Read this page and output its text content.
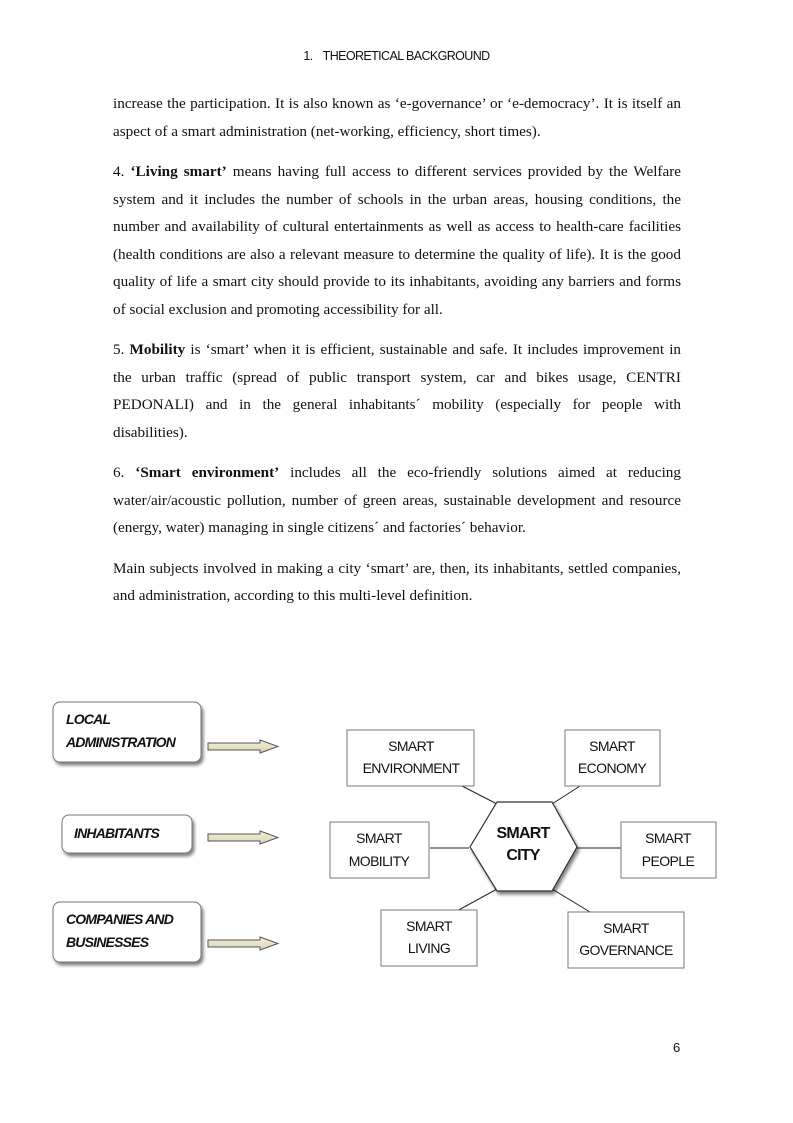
1. THEORETICAL BACKGROUND

increase the participation. It is also known as ‘e-governance’ or ‘e-democracy’. It is itself an aspect of a smart administration (net-working, efficiency, short times).

4. ‘Living smart’ means having full access to different services provided by the Welfare system and it includes the number of schools in the urban areas, housing conditions, the number and availability of cultural entertainments as well as access to health-care facilities (health conditions are also a relevant measure to determine the quality of life). It is the good quality of life a smart city should provide to its inhabitants, avoiding any barriers and forms of social exclusion and promoting accessibility for all.

5. Mobility is ‘smart’ when it is efficient, sustainable and safe. It includes improvement in the urban traffic (spread of public transport system, car and bikes usage, CENTRI PEDONALI) and in the general inhabitants´ mobility (especially for people with disabilities).

6. ‘Smart environment’ includes all the eco-friendly solutions aimed at reducing water/air/acoustic pollution, number of green areas, sustainable development and resource (energy, water) managing in single citizens´ and factories´ behavior.

Main subjects involved in making a city ‘smart’ are, then, its inhabitants, settled companies, and administration, according to this multi-level definition.

LOCAL
ADMINISTRATION
INHABITANTS
COMPANIES AND
BUSINESSES
SMART
CITY
SMART
ENVIRONMENT
SMART
ECONOMY
SMART
MOBILITY
SMART
PEOPLE
SMART
LIVING
SMART
GOVERNANCE
6
